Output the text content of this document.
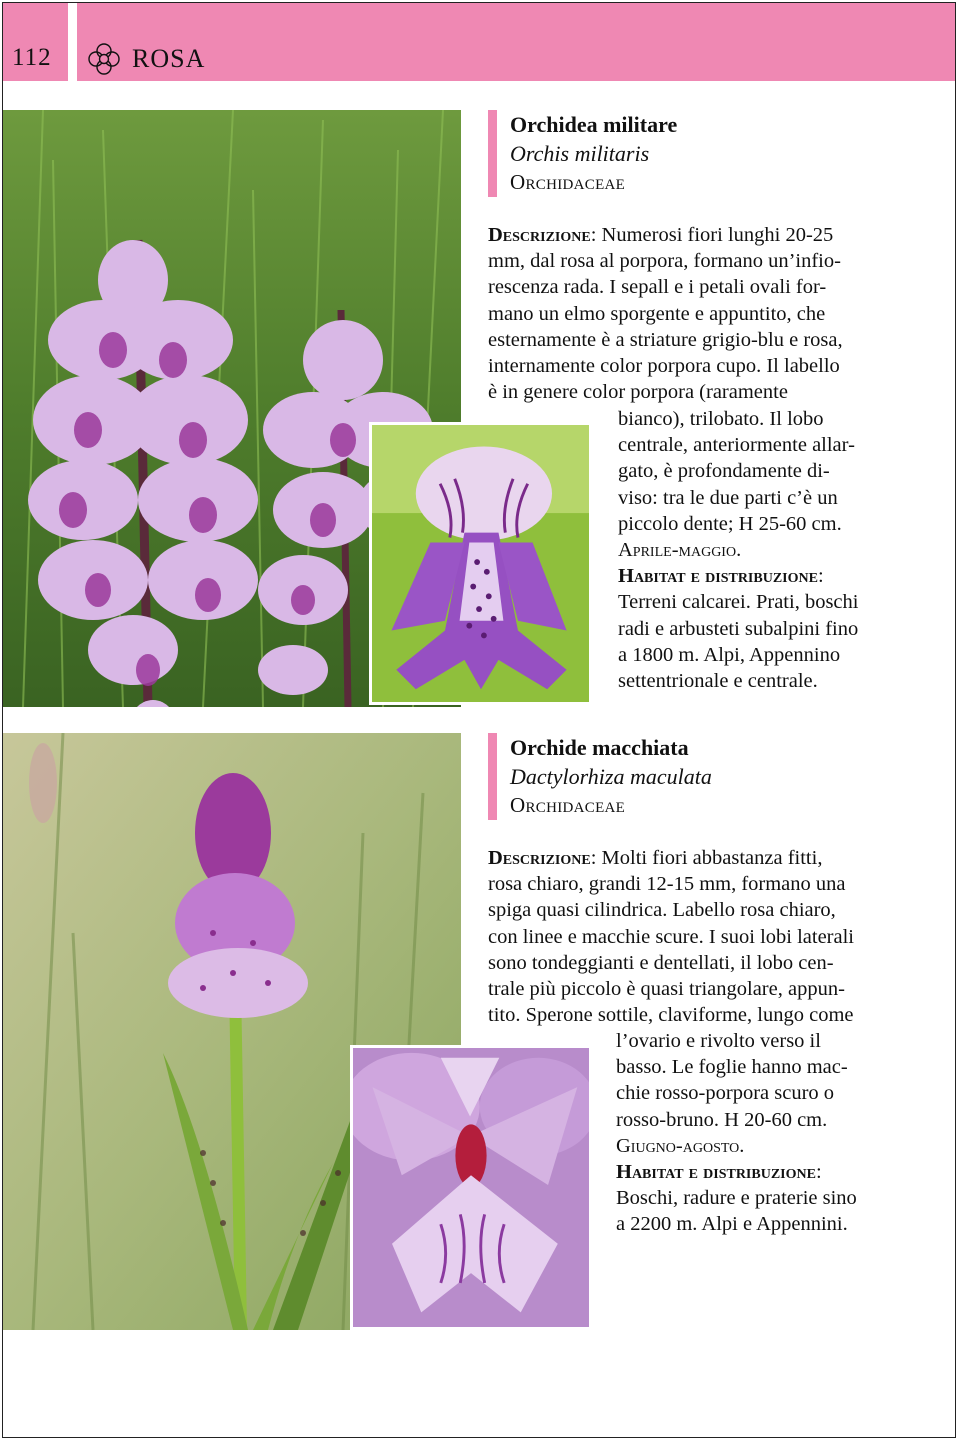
112	ROSA
Orchidea militare
Orchis militaris
Orchidaceae
Descrizione: Numerosi fiori lunghi 20-25
mm, dal rosa al porpora, formano un’infio-
rescenza rada. I sepall e i petali ovali for-
mano un elmo sporgente e appuntito, che
esternamente è a striature grigio-blu e rosa,
internamente color porpora cupo. Il labello
è in genere color porpora (raramente
bianco), trilobato. Il lobo
centrale, anteriormente allar-
gato, è profondamente di-
viso: tra le due parti c’è un
piccolo dente; H 25-60 cm.
Aprile-maggio.
Habitat e distribuzione:
Terreni calcarei. Prati, boschi
radi e arbusteti subalpini fino
a 1800 m. Alpi, Appennino
settentrionale e centrale.
Orchide macchiata
Dactylorhiza maculata
Orchidaceae
Descrizione: Molti fiori abbastanza fitti,
rosa chiaro, grandi 12-15 mm, formano una
spiga quasi cilindrica. Labello rosa chiaro,
con linee e macchie scure. I suoi lobi laterali
sono tondeggianti e dentellati, il lobo cen-
trale più piccolo è quasi triangolare, appun-
tito. Sperone sottile, claviforme, lungo come
l’ovario e rivolto verso il
basso. Le foglie hanno mac-
chie rosso-porpora scuro o
rosso-bruno. H 20-60 cm.
Giugno-agosto.
Habitat e distribuzione:
Boschi, radure e praterie sino
a 2200 m. Alpi e Appennini.
